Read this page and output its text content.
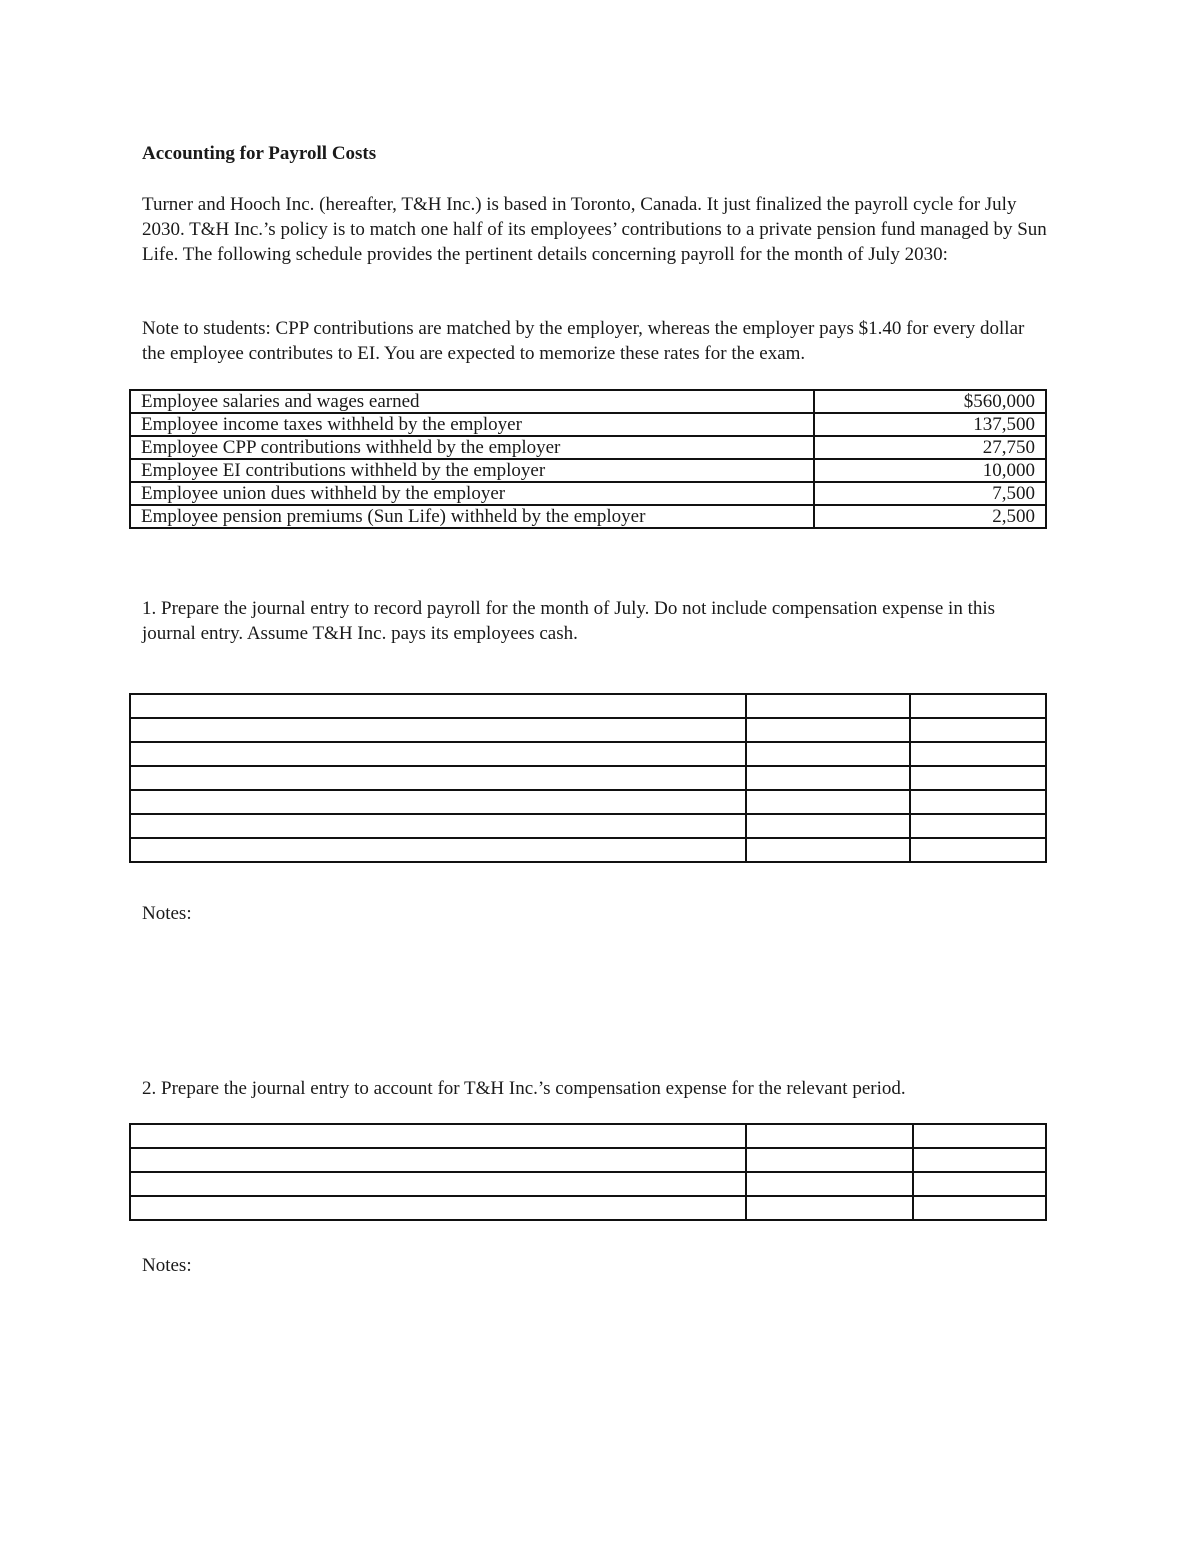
Accounting for Payroll Costs

Turner and Hooch Inc. (hereafter, T&H Inc.) is based in Toronto, Canada. It just finalized the payroll cycle for July 2030. T&H Inc.’s policy is to match one half of its employees’ contributions to a private pension fund managed by Sun Life. The following schedule provides the pertinent details concerning payroll for the month of July 2030:

Note to students: CPP contributions are matched by the employer, whereas the employer pays $1.40 for every dollar the employee contributes to EI. You are expected to memorize these rates for the exam.

Employee salaries and wages earned	$560,000
Employee income taxes withheld by the employer	137,500
Employee CPP contributions withheld by the employer	27,750
Employee EI contributions withheld by the employer	10,000
Employee union dues withheld by the employer	7,500
Employee pension premiums (Sun Life) withheld by the employer	2,500

1. Prepare the journal entry to record payroll for the month of July. Do not include compensation expense in this journal entry. Assume T&H Inc. pays its employees cash.

Notes:

2. Prepare the journal entry to account for T&H Inc.’s compensation expense for the relevant period.

Notes:
